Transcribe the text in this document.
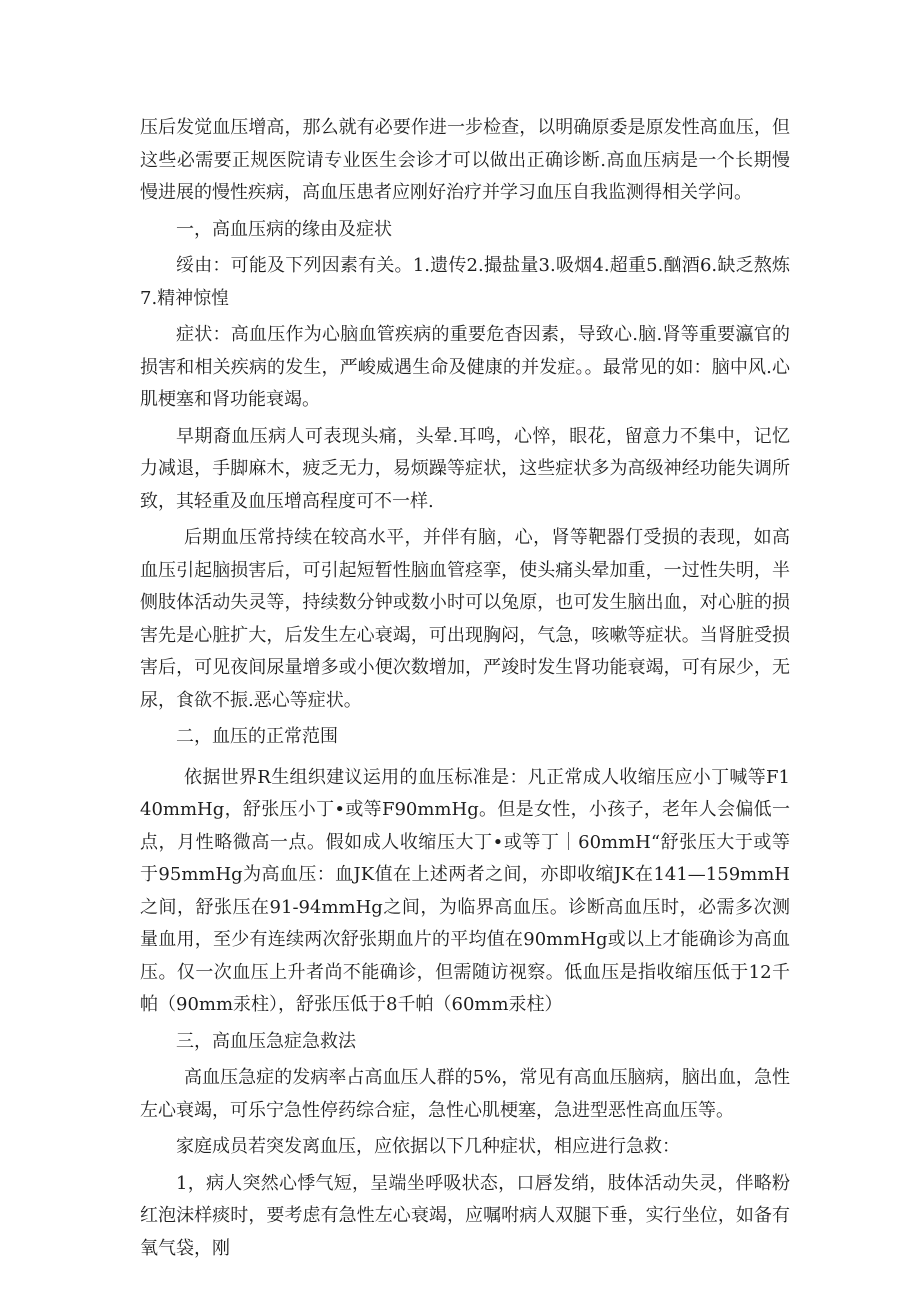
压后发觉血压增高，那么就有必要作进一步检查，以明确原委是原发性高血压，但这些必需要正规医院请专业医生会诊才可以做出正确诊断.高血压病是一个长期慢慢进展的慢性疾病，高血压患者应刚好治疗并学习血压自我监测得相关学问。

一，高血压病的缘由及症状

绥由：可能及下列因素有关。1.遗传2.撮盐量3.吸烟4.超重5.酗酒6.缺乏熬炼7.精神惊惶

症状：高血压作为心脑血管疾病的重要危杳因素，导致心.脑.肾等重要瀛官的损害和相关疾病的发生，严峻威遇生命及健康的并发症。。最常见的如：脑中风.心肌梗塞和肾功能衰竭。

早期裔血压病人可表现头痛，头晕.耳鸣，心悴，眼花，留意力不集中，记忆力减退，手脚麻木，疲乏无力，易烦躁等症状，这些症状多为高级神经功能失调所致，其轻重及血压增高程度可不一样.

后期血压常持续在较高水平，并伴有脑，心，肾等靶器仃受损的表现，如高血压引起脑损害后，可引起短暂性脑血管痉挛，使头痛头晕加重，一过性失明，半侧肢体活动失灵等，持续数分钟或数小时可以兔原，也可发生脑出血，对心脏的损害先是心脏扩大，后发生左心衰竭，可出现胸闷，气急，咳嗽等症状。当肾脏受损害后，可见夜间尿量增多或小便次数增加，严竣时发生肾功能衰竭，可有尿少，无尿，食欲不振.恶心等症状。

二，血压的正常范围

依据世界R生组织建议运用的血压标准是：凡正常成人收缩压应小丁喊等F140mmHg，舒张压小丁•或等F90mmHg。但是女性，小孩子，老年人会偏低一点，月性略微高一点。假如成人收缩压大丁•或等丁｜60mmH“舒张压大于或等于95mmHg为高血压：血JK值在上述两者之间，亦即收缩JK在141—159mmH之间，舒张压在91-94mmHg之间，为临界高血压。诊断高血压时，必需多次测量血用，至少有连续两次舒张期血片的平均值在90mmHg或以上才能确诊为高血压。仅一次血压上升者尚不能确诊，但需随访视察。低血压是指收缩压低于12千帕（90mm汞柱），舒张压低于8千帕（60mm汞柱）

三，高血压急症急救法

高血压急症的发病率占高血压人群的5%，常见有高血压脑病，脑出血，急性左心衰竭，可乐宁急性停药综合症，急性心肌梗塞，急进型恶性高血压等。

家庭成员若突发离血压，应依据以下几种症状，相应进行急救：

1，病人突然心悸气短，呈端坐呼吸状态，口唇发绡，肢体活动失灵，伴略粉红泡沫样痰时，要考虑有急性左心衰竭，应嘱咐病人双腿下垂，实行坐位，如备有氧气袋，刚
